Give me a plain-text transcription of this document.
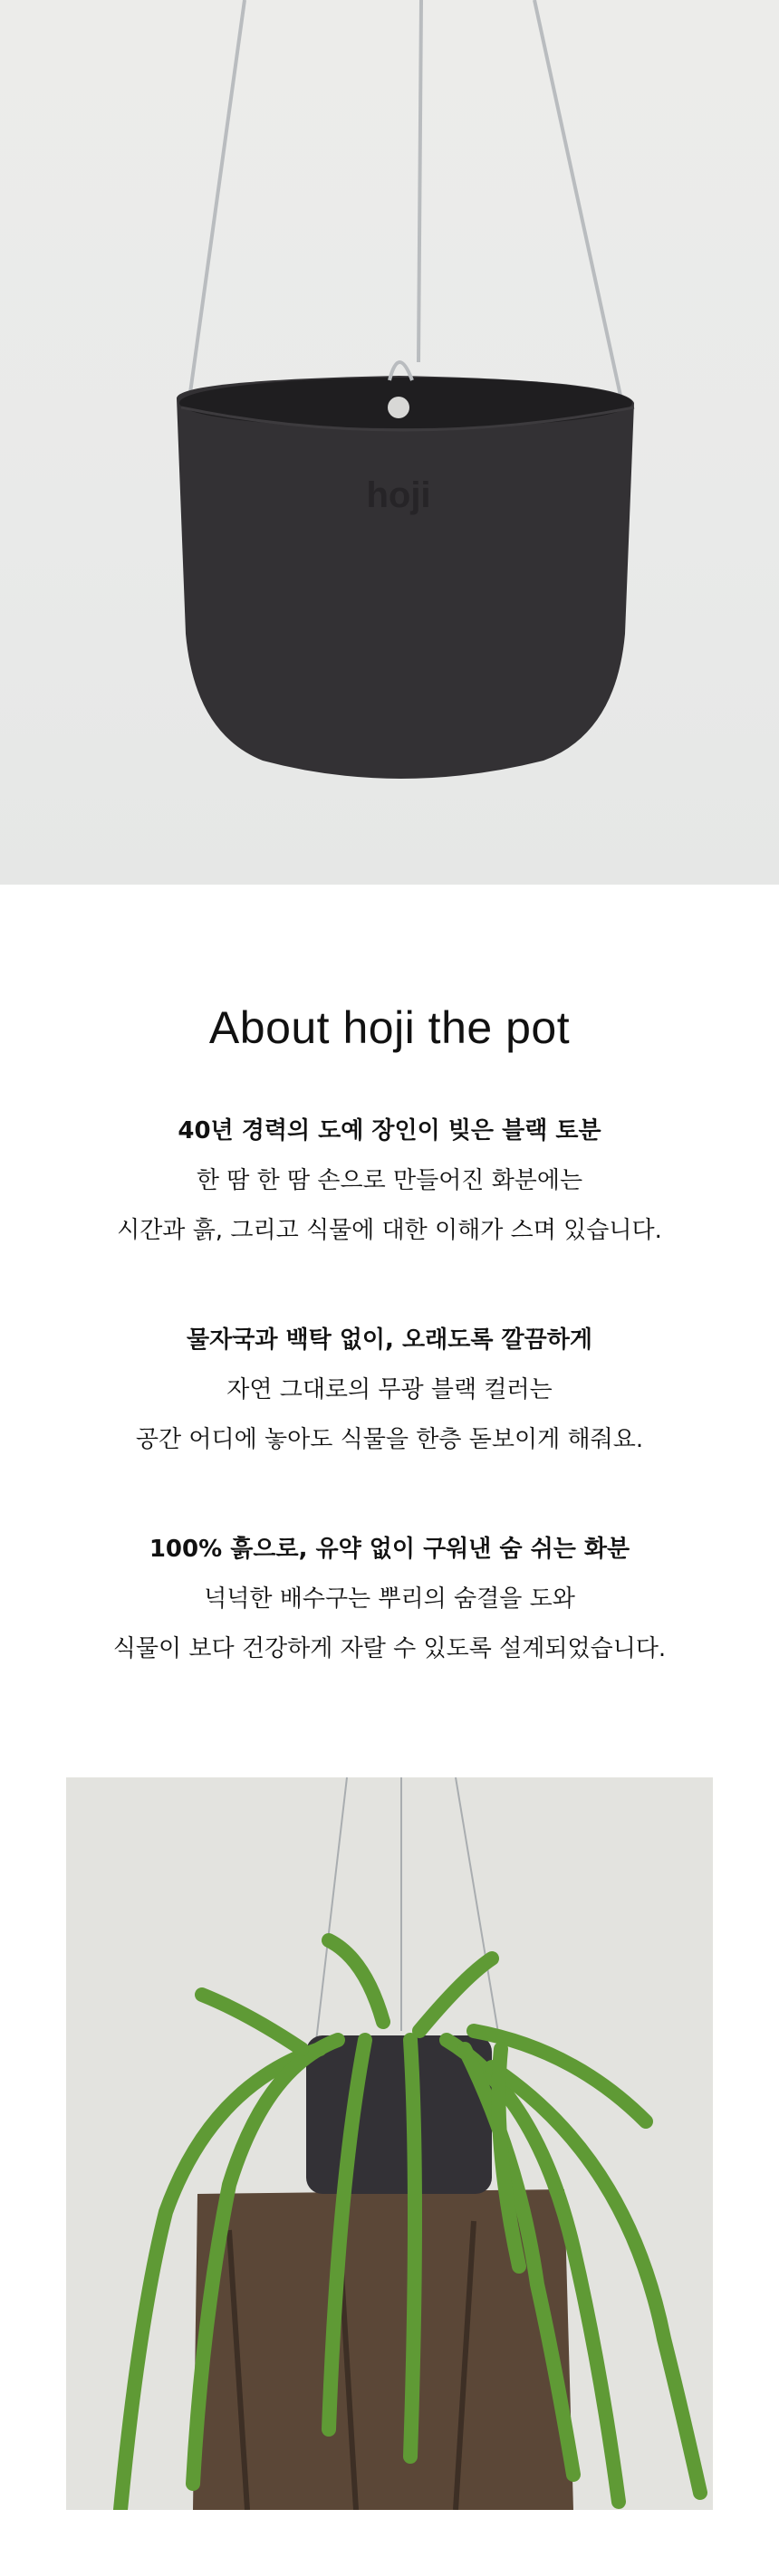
hoji
About hoji the pot
40년 경력의 도예 장인이 빚은 블랙 토분
한 땀 한 땀 손으로 만들어진 화분에는
시간과 흙, 그리고 식물에 대한 이해가 스며 있습니다.
물자국과 백탁 없이, 오래도록 깔끔하게
자연 그대로의 무광 블랙 컬러는
공간 어디에 놓아도 식물을 한층 돋보이게 해줘요.
100% 흙으로, 유약 없이 구워낸 숨 쉬는 화분
넉넉한 배수구는 뿌리의 숨결을 도와
식물이 보다 건강하게 자랄 수 있도록 설계되었습니다.
